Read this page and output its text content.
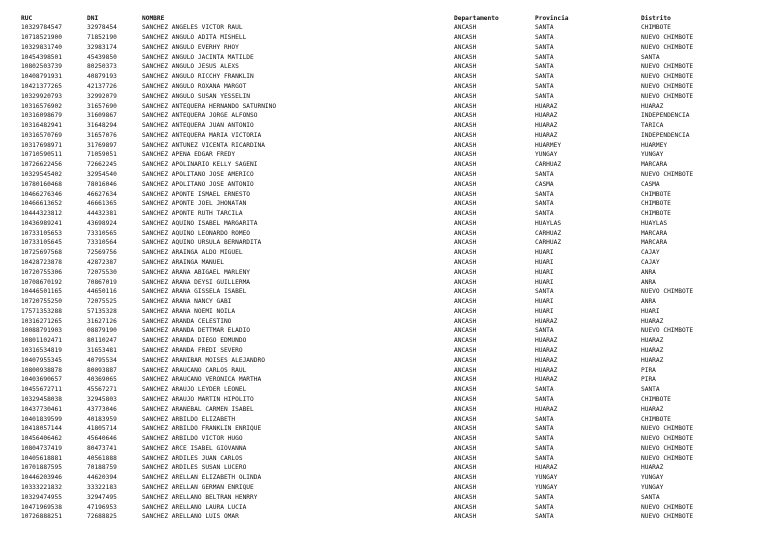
RUC	DNI	NOMBRE	Departamento	Provincia	Distrito
10329784547	32978454	SANCHEZ ANGELES VICTOR RAUL	ANCASH	SANTA	CHIMBOTE
10718521900	71852190	SANCHEZ ANGULO ADITA MISHELL	ANCASH	SANTA	NUEVO CHIMBOTE
10329831740	32983174	SANCHEZ ANGULO EVERHY RHOY	ANCASH	SANTA	NUEVO CHIMBOTE
10454398501	45439850	SANCHEZ ANGULO JACINTA MATILDE	ANCASH	SANTA	SANTA
10802503739	80250373	SANCHEZ ANGULO JESUS ALEXS	ANCASH	SANTA	NUEVO CHIMBOTE
10408791931	40879193	SANCHEZ ANGULO RICCHY FRANKLIN	ANCASH	SANTA	NUEVO CHIMBOTE
10421377265	42137726	SANCHEZ ANGULO ROXANA MARGOT	ANCASH	SANTA	NUEVO CHIMBOTE
10329920793	32992079	SANCHEZ ANGULO SUSAN YESSELIN	ANCASH	SANTA	NUEVO CHIMBOTE
10316576902	31657690	SANCHEZ ANTEQUERA HERNANDO SATURNINO	ANCASH	HUARAZ	HUARAZ
10316098679	31609867	SANCHEZ ANTEQUERA JORGE ALFONSO	ANCASH	HUARAZ	INDEPENDENCIA
10316482941	31648294	SANCHEZ ANTEQUERA JUAN ANTONIO	ANCASH	HUARAZ	TARICA
10316570769	31657076	SANCHEZ ANTEQUERA MARIA VICTORIA	ANCASH	HUARAZ	INDEPENDENCIA
10317698971	31769897	SANCHEZ ANTUNEZ VICENTA RICARDINA	ANCASH	HUARMEY	HUARMEY
10710590511	71059051	SANCHEZ APEÑA EDGAR FREDY	ANCASH	YUNGAY	YUNGAY
10726622456	72662245	SANCHEZ APOLINARIO KELLY SAGENI	ANCASH	CARHUAZ	MARCARA
10329545402	32954540	SANCHEZ APOLITANO JOSE AMERICO	ANCASH	SANTA	NUEVO CHIMBOTE
10780160468	78016046	SANCHEZ APOLITANO JOSE ANTONIO	ANCASH	CASMA	CASMA
10466276346	46627634	SANCHEZ APONTE ISMAEL ERNESTO	ANCASH	SANTA	CHIMBOTE
10466613652	46661365	SANCHEZ APONTE JOEL JHONATAN	ANCASH	SANTA	CHIMBOTE
10444323812	44432381	SANCHEZ APONTE RUTH TARCILA	ANCASH	SANTA	CHIMBOTE
10436989241	43698924	SANCHEZ AQUINO ISABEL MARGARITA	ANCASH	HUAYLAS	HUAYLAS
10733105653	73310565	SANCHEZ AQUIÑO LEONARDO ROMEO	ANCASH	CARHUAZ	MARCARA
10733105645	73310564	SANCHEZ AQUIÑO URSULA BERNARDITA	ANCASH	CARHUAZ	MARCARA
10725697568	72569756	SANCHEZ ARAINGA ALDO MIGUEL	ANCASH	HUARI	CAJAY
10428723878	42872387	SANCHEZ ARAINGA MANUEL	ANCASH	HUARI	CAJAY
10720755306	72075530	SANCHEZ ARANA ABIGAEL MARLENY	ANCASH	HUARI	ANRA
10708670192	70867019	SANCHEZ ARANA DEYSI GUILLERMA	ANCASH	HUARI	ANRA
10446501165	44650116	SANCHEZ ARANA GISSELA ISABEL	ANCASH	SANTA	NUEVO CHIMBOTE
10720755250	72075525	SANCHEZ ARANA NANCY GABI	ANCASH	HUARI	ANRA
17571353288	57135328	SANCHEZ ARANA NOEMI NOILA	ANCASH	HUARI	HUARI
10316271265	31627126	SANCHEZ ARANDA CELESTINO	ANCASH	HUARAZ	HUARAZ
10088791903	08879190	SANCHEZ ARANDA DETTMAR ELADIO	ANCASH	SANTA	NUEVO CHIMBOTE
10801102471	80110247	SANCHEZ ARANDA DIEGO EDMUNDO	ANCASH	HUARAZ	HUARAZ
10316534819	31653481	SANCHEZ ARANDA FREDI SEVERO	ANCASH	HUARAZ	HUARAZ
10407955345	40795534	SANCHEZ ARANIBAR MOISES ALEJANDRO	ANCASH	HUARAZ	HUARAZ
10800938878	80093887	SANCHEZ ARAUCANO CARLOS RAUL	ANCASH	HUARAZ	PIRA
10403690657	40369065	SANCHEZ ARAUCANO VERONICA MARTHA	ANCASH	HUARAZ	PIRA
10455672711	45567271	SANCHEZ ARAUJO LEYDER LEONEL	ANCASH	SANTA	SANTA
10329458038	32945803	SANCHEZ ARAUJO MARTIN HIPOLITO	ANCASH	SANTA	CHIMBOTE
10437730461	43773046	SANCHEZ ARAÑEBAL CARMEN ISABEL	ANCASH	HUARAZ	HUARAZ
10401839599	40183959	SANCHEZ ARBILDO ELIZABETH	ANCASH	SANTA	CHIMBOTE
10418057144	41805714	SANCHEZ ARBILDO FRANKLIN ENRIQUE	ANCASH	SANTA	NUEVO CHIMBOTE
10456406462	45640646	SANCHEZ ARBILDO VICTOR HUGO	ANCASH	SANTA	NUEVO CHIMBOTE
10804737419	80473741	SANCHEZ ARCE ISABEL GIOVANNA	ANCASH	SANTA	NUEVO CHIMBOTE
10405618881	40561888	SANCHEZ ARDILES JUAN CARLOS	ANCASH	SANTA	NUEVO CHIMBOTE
10701887595	70188759	SANCHEZ ARDILES SUSAN LUCERO	ANCASH	HUARAZ	HUARAZ
10446203946	44620394	SANCHEZ ARELLAN ELIZABETH OLINDA	ANCASH	YUNGAY	YUNGAY
10333221832	33322183	SANCHEZ ARELLAN GERMAN ENRIQUE	ANCASH	YUNGAY	YUNGAY
10329474955	32947495	SANCHEZ ARELLANO BELTRAN HENRRY	ANCASH	SANTA	SANTA
10471969538	47196953	SANCHEZ ARELLANO LAURA LUCIA	ANCASH	SANTA	NUEVO CHIMBOTE
10726888251	72688825	SANCHEZ ARELLANO LUIS OMAR	ANCASH	SANTA	NUEVO CHIMBOTE
